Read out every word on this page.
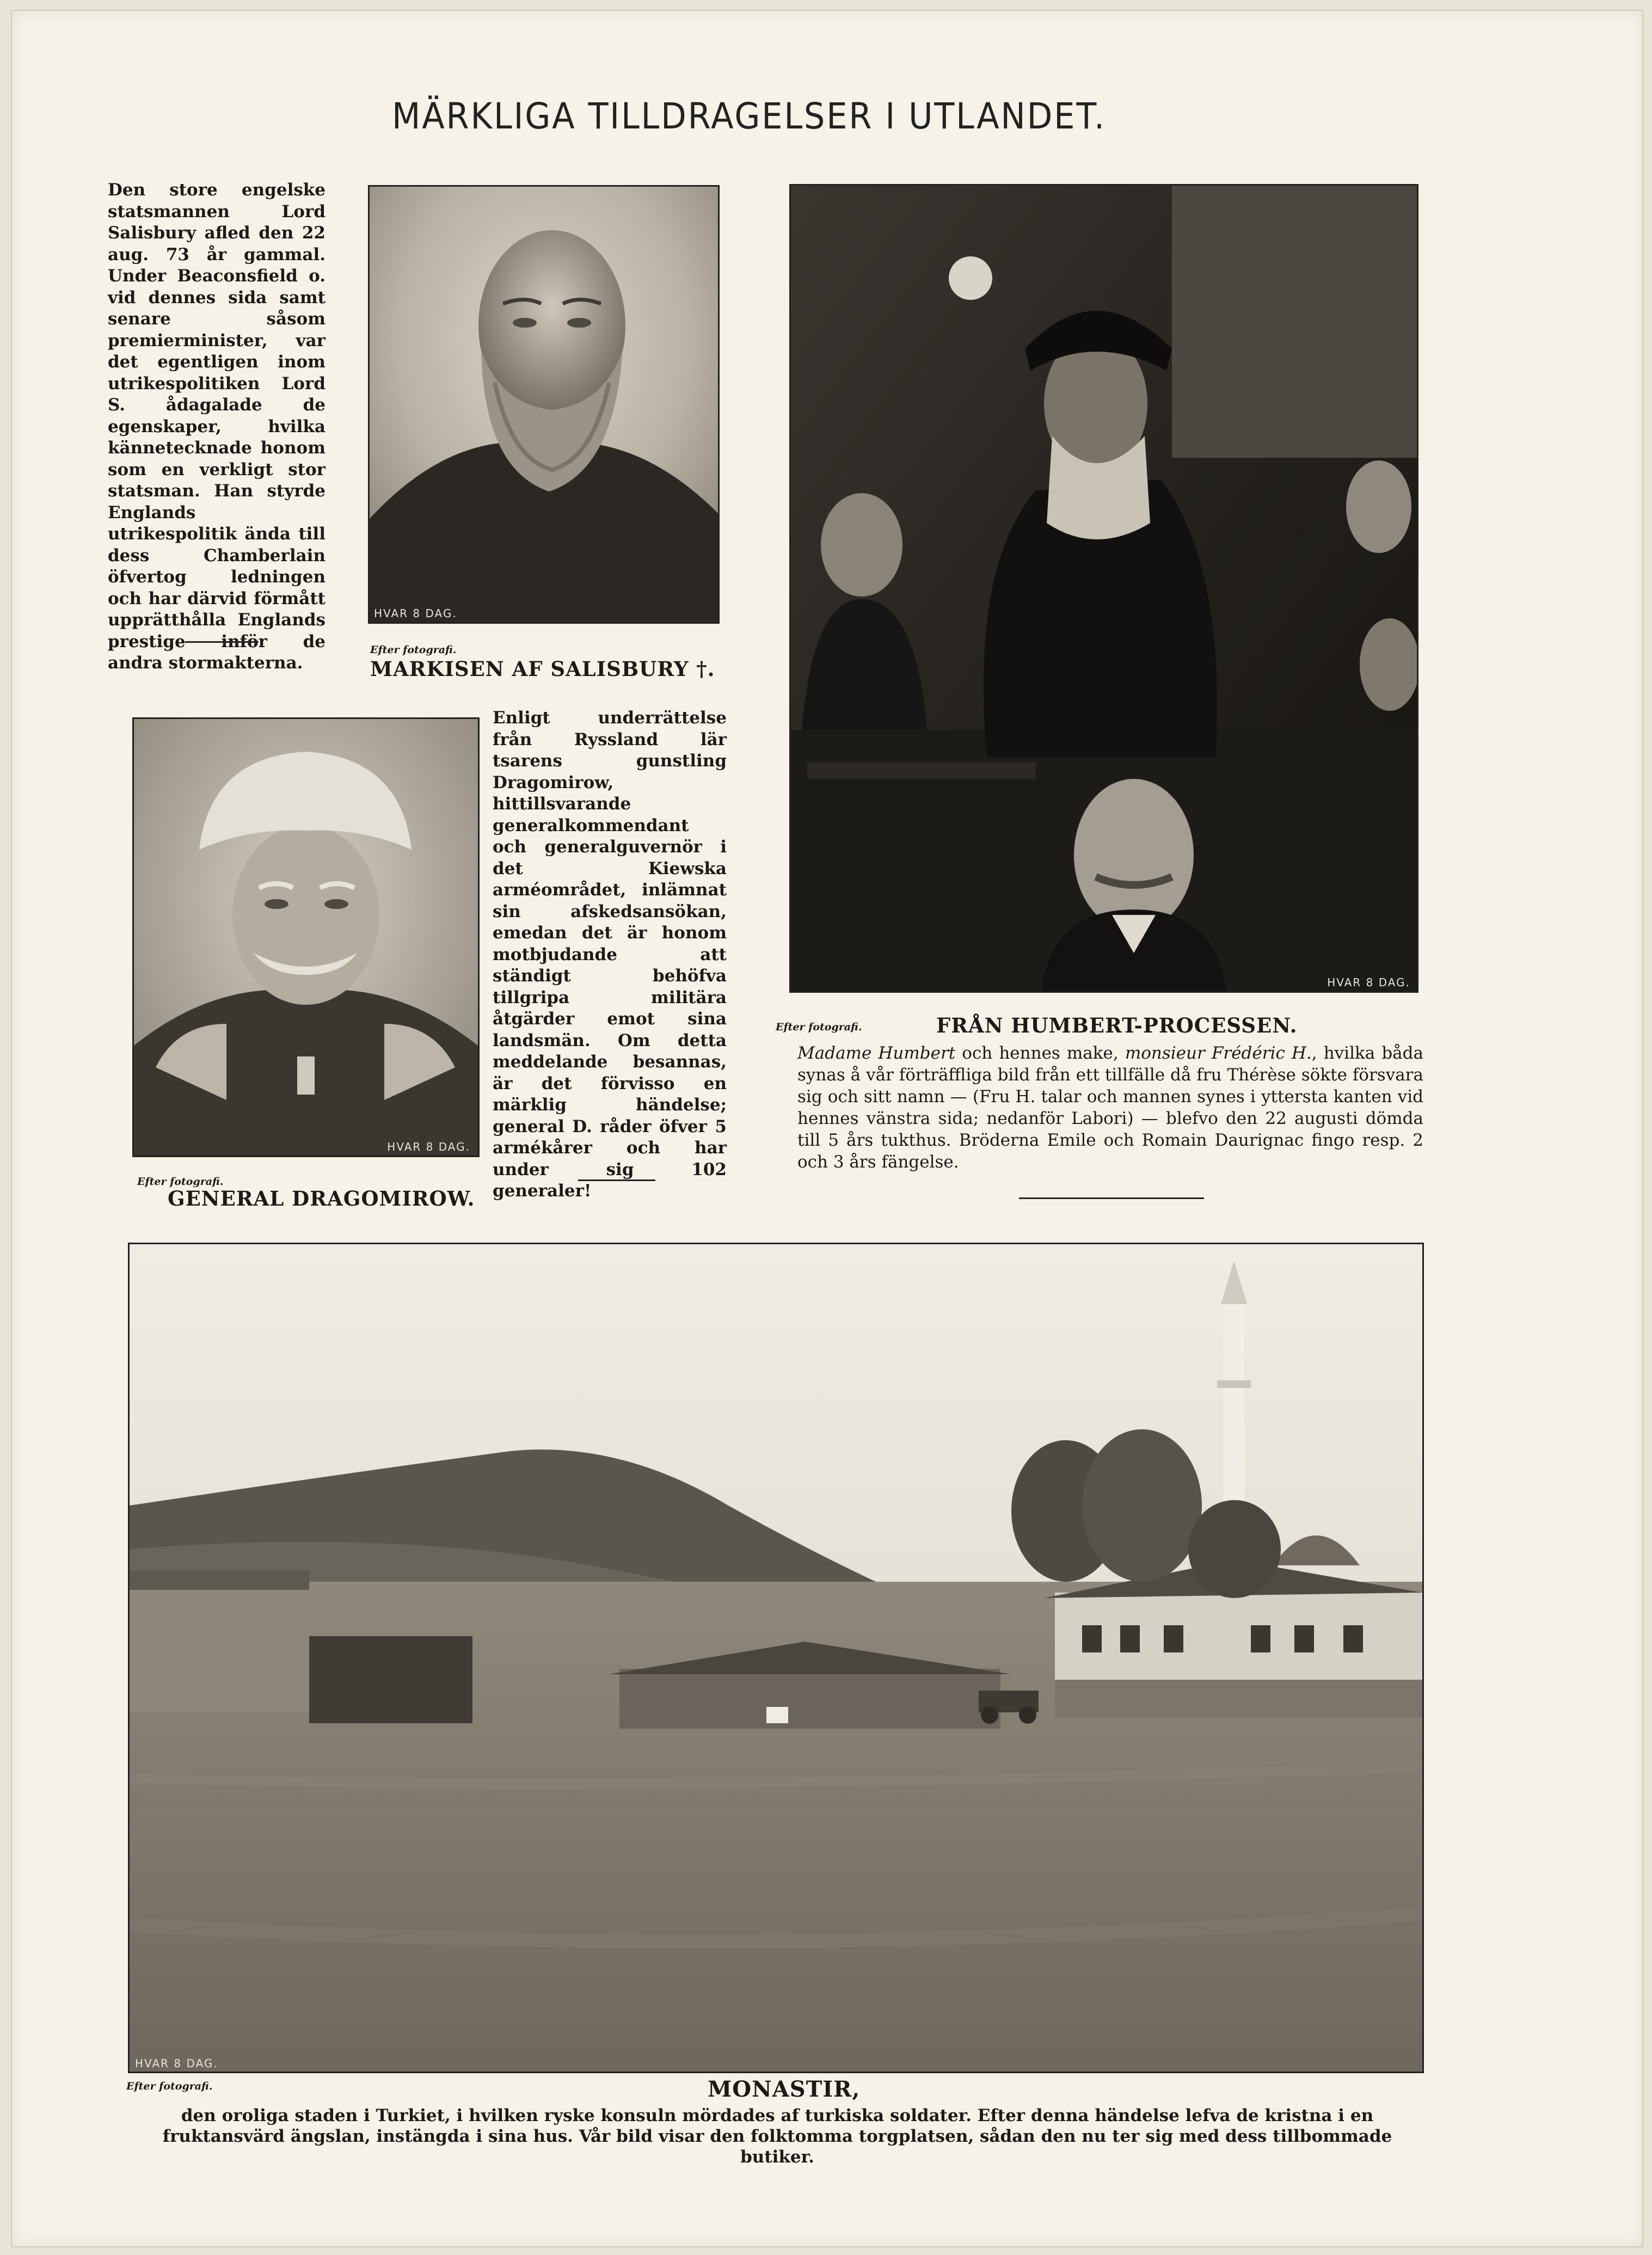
MÄRKLIGA TILLDRAGELSER I UTLANDET.
Den store engelske statsmannen Lord Salisbury afled den 22 aug. 73 år gammal. Under Beaconsfield o. vid dennes sida samt senare såsom premierminister, var det egentligen inom utrikespolitiken Lord S. ådagalade de egenskaper, hvilka kännetecknade honom som en verkligt stor statsman. Han styrde Englands utrikespolitik ända till dess Chamberlain öfvertog ledningen och har därvid förmått upprätthålla Englands prestige inför de andra stormakterna.
HVAR 8 DAG.
Efter fotografi.
MARKISEN AF SALISBURY †.
HVAR 8 DAG.
Efter fotografi.	FRÅN HUMBERT-PROCESSEN.
Madame Humbert och hennes make, monsieur Frédéric H., hvilka båda synas å vår förträffliga bild från ett tillfälle då fru Thérèse sökte försvara sig och sitt namn — (Fru H. talar och mannen synes i yttersta kanten vid hennes vänstra sida; nedanför Labori) — blefvo den 22 augusti dömda till 5 års tukthus. Bröderna Emile och Romain Daurignac fingo resp. 2 och 3 års fängelse.
HVAR 8 DAG.
Efter fotografi.
GENERAL DRAGOMIROW.
Enligt underrättelse från Ryssland lär tsarens gunstling Dragomirow, hittillsvarande generalkommendant och generalguvernör i det Kiewska arméområdet, inlämnat sin afskedsansökan, emedan det är honom motbjudande att ständigt behöfva tillgripa militära åtgärder emot sina landsmän. Om detta meddelande besannas, är det förvisso en märklig händelse; general D. råder öfver 5 armékårer och har under sig 102 generaler!
HVAR 8 DAG.
Efter fotografi.	MONASTIR,

den oroliga staden i Turkiet, i hvilken ryske konsuln mördades af turkiska soldater. Efter denna händelse lefva de kristna i en fruktansvärd ängslan, instängda i sina hus. Vår bild visar den folktomma torgplatsen, sådan den nu ter sig med dess tillbommade butiker.
